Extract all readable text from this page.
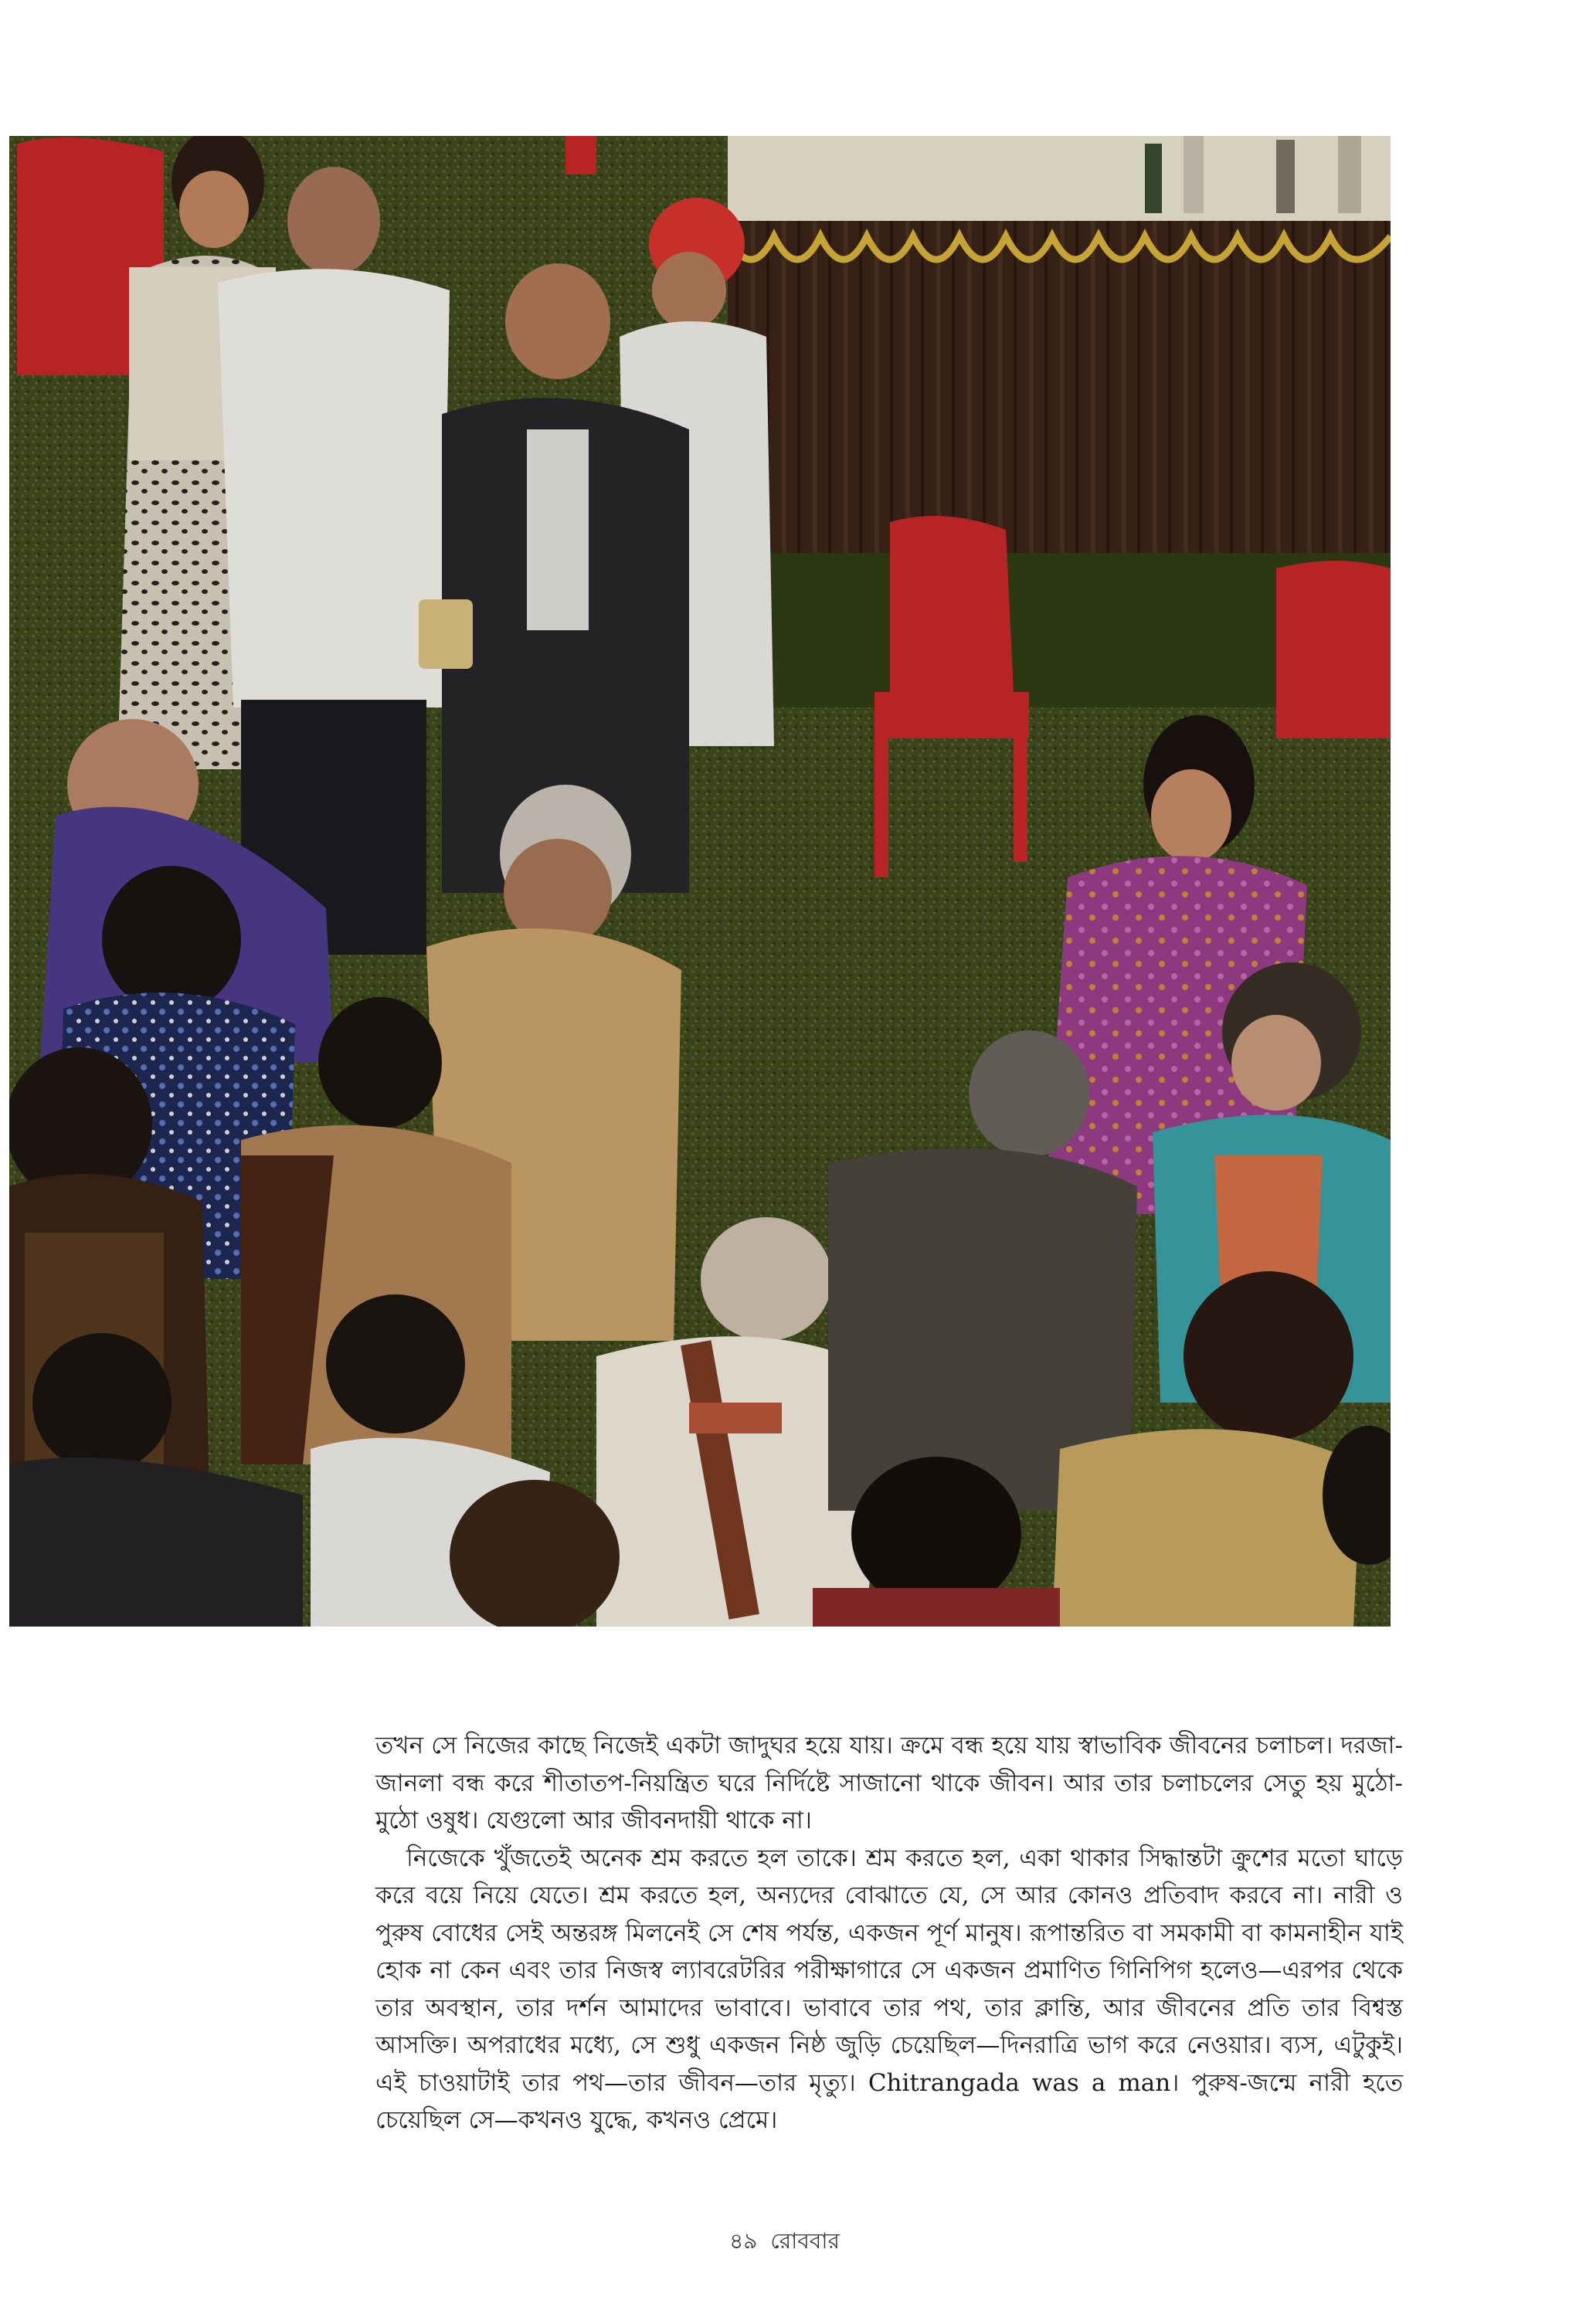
তখন সে নিজের কাছে নিজেই একটা জাদুঘর হয়ে যায়। ক্রমে বন্ধ হয়ে যায় স্বাভাবিক জীবনের চলাচল। দরজা-জানলা বন্ধ করে শীতাতপ-নিয়ন্ত্রিত ঘরে নির্দিষ্টে সাজানো থাকে জীবন। আর তার চলাচলের সেতু হয় মুঠো-মুঠো ওষুধ। যেগুলো আর জীবনদায়ী থাকে না।

নিজেকে খুঁজতেই অনেক শ্রম করতে হল তাকে। শ্রম করতে হল, একা থাকার সিদ্ধান্তটা ক্রুশের মতো ঘাড়ে করে বয়ে নিয়ে যেতে। শ্রম করতে হল, অন্যদের বোঝাতে যে, সে আর কোনও প্রতিবাদ করবে না। নারী ও পুরুষ বোধের সেই অন্তরঙ্গ মিলনেই সে শেষ পর্যন্ত, একজন পূর্ণ মানুষ। রূপান্তরিত বা সমকামী বা কামনাহীন যাই হোক না কেন এবং তার নিজস্ব ল্যাবরেটরির পরীক্ষাগারে সে একজন প্রমাণিত গিনিপিগ হলেও—এরপর থেকে তার অবস্থান, তার দর্শন আমাদের ভাবাবে। ভাবাবে তার পথ, তার ক্লান্তি, আর জীবনের প্রতি তার বিশ্বস্ত আসক্তি। অপরাধের মধ্যে, সে শুধু একজন নিষ্ঠ জুড়ি চেয়েছিল—দিনরাত্রি ভাগ করে নেওয়ার। ব্যস, এটুকুই। এই চাওয়াটাই তার পথ—তার জীবন—তার মৃত্যু। Chitrangada was a man। পুরুষ-জন্মে নারী হতে চেয়েছিল সে—কখনও যুদ্ধে, কখনও প্রেমে।

৪৯ রোববার
